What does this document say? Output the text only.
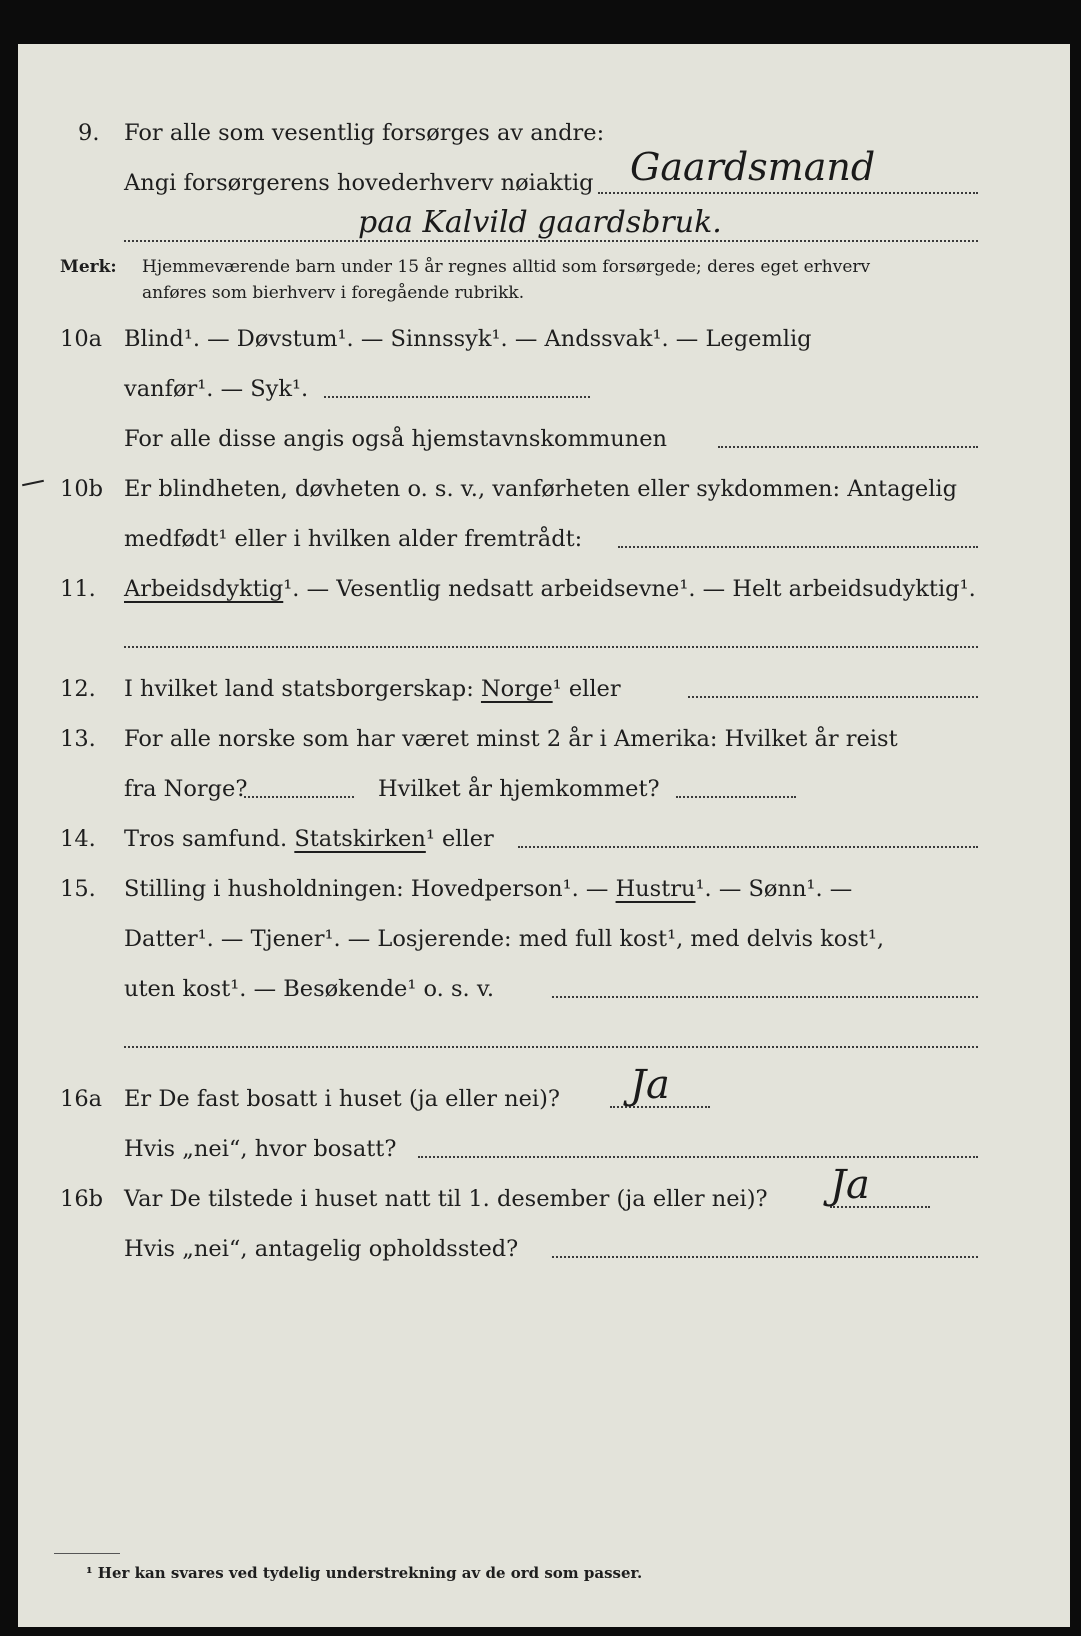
9. For alle som vesentlig forsørges av andre:
Angi forsørgerens hovederhverv nøiaktig Gaardsmand
paa Kalvild gaardsbruk.
Merk: Hjemmeværende barn under 15 år regnes alltid som forsørgede; deres eget erhverv
anføres som bierhverv i foregående rubrikk.
10a Blind¹. — Døvstum¹. — Sinnssyk¹. — Andssvak¹. — Legemlig
vanfør¹. — Syk¹.
For alle disse angis også hjemstavnskommunen
10b Er blindheten, døvheten o. s. v., vanførheten eller sykdommen: Antagelig
medfødt¹ eller i hvilken alder fremtrådt:
11. Arbeidsdyktig¹. — Vesentlig nedsatt arbeidsevne¹. — Helt arbeidsudyktig¹.
12. I hvilket land statsborgerskap: Norge¹ eller
13. For alle norske som har været minst 2 år i Amerika: Hvilket år reist
fra Norge?	Hvilket år hjemkommet?
14. Tros samfund. Statskirken¹ eller
15. Stilling i husholdningen: Hovedperson¹. — Hustru¹. — Sønn¹. —
Datter¹. — Tjener¹. — Losjerende: med full kost¹, med delvis kost¹,
uten kost¹. — Besøkende¹ o. s. v.
16a Er De fast bosatt i huset (ja eller nei)? Ja
Hvis „nei“, hvor bosatt?
16b Var De tilstede i huset natt til 1. desember (ja eller nei)? Ja
Hvis „nei“, antagelig opholdssted?
¹ Her kan svares ved tydelig understrekning av de ord som passer.
